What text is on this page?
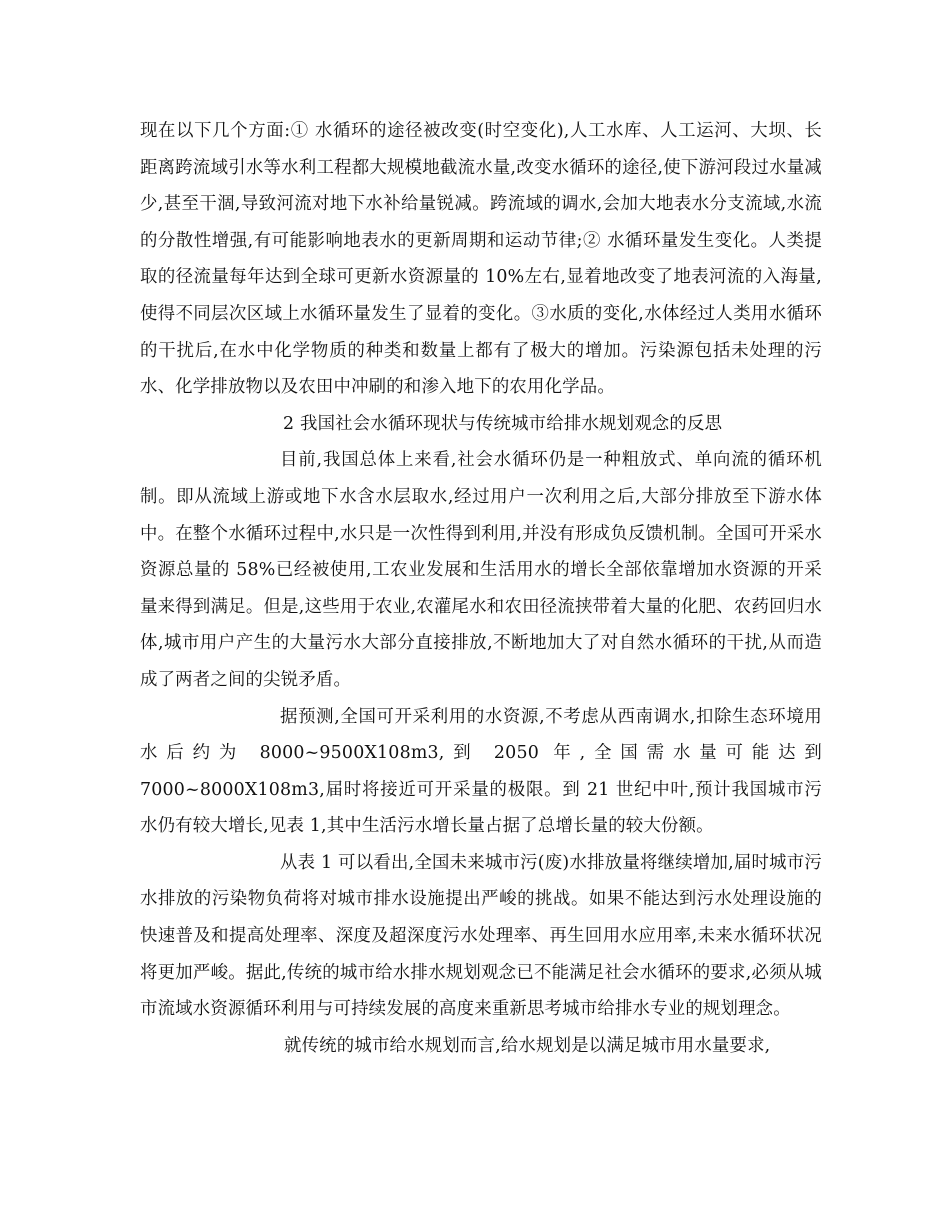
现在以下几个方面:① 水循环的途径被改变(时空变化),人工水库、人工运河、大坝、长距离跨流域引水等水利工程都大规模地截流水量,改变水循环的途径,使下游河段过水量减少,甚至干涸,导致河流对地下水补给量锐减。跨流域的调水,会加大地表水分支流域,水流的分散性增强,有可能影响地表水的更新周期和运动节律;② 水循环量发生变化。人类提取的径流量每年达到全球可更新水资源量的 10%左右,显着地改变了地表河流的入海量,使得不同层次区域上水循环量发生了显着的变化。③水质的变化,水体经过人类用水循环的干扰后,在水中化学物质的种类和数量上都有了极大的增加。污染源包括未处理的污水、化学排放物以及农田中冲刷的和渗入地下的农用化学品。

2 我国社会水循环现状与传统城市给排水规划观念的反思

目前,我国总体上来看,社会水循环仍是一种粗放式、单向流的循环机制。即从流域上游或地下水含水层取水,经过用户一次利用之后,大部分排放至下游水体中。在整个水循环过程中,水只是一次性得到利用,并没有形成负反馈机制。全国可开采水资源总量的 58%已经被使用,工农业发展和生活用水的增长全部依靠增加水资源的开采量来得到满足。但是,这些用于农业,农灌尾水和农田径流挟带着大量的化肥、农药回归水体,城市用户产生的大量污水大部分直接排放,不断地加大了对自然水循环的干扰,从而造成了两者之间的尖锐矛盾。

据预测,全国可开采利用的水资源,不考虑从西南调水,扣除生态环境用水后约为 8000~9500X108m3,到 2050 年,全国需水量可能达到 7000~8000X108m3,届时将接近可开采量的极限。到 21 世纪中叶,预计我国城市污水仍有较大增长,见表 1,其中生活污水增长量占据了总增长量的较大份额。

从表 1 可以看出,全国未来城市污(废)水排放量将继续增加,届时城市污水排放的污染物负荷将对城市排水设施提出严峻的挑战。如果不能达到污水处理设施的快速普及和提高处理率、深度及超深度污水处理率、再生回用水应用率,未来水循环状况将更加严峻。据此,传统的城市给水排水规划观念已不能满足社会水循环的要求,必须从城市流域水资源循环利用与可持续发展的高度来重新思考城市给排水专业的规划理念。

就传统的城市给水规划而言,给水规划是以满足城市用水量要求,
